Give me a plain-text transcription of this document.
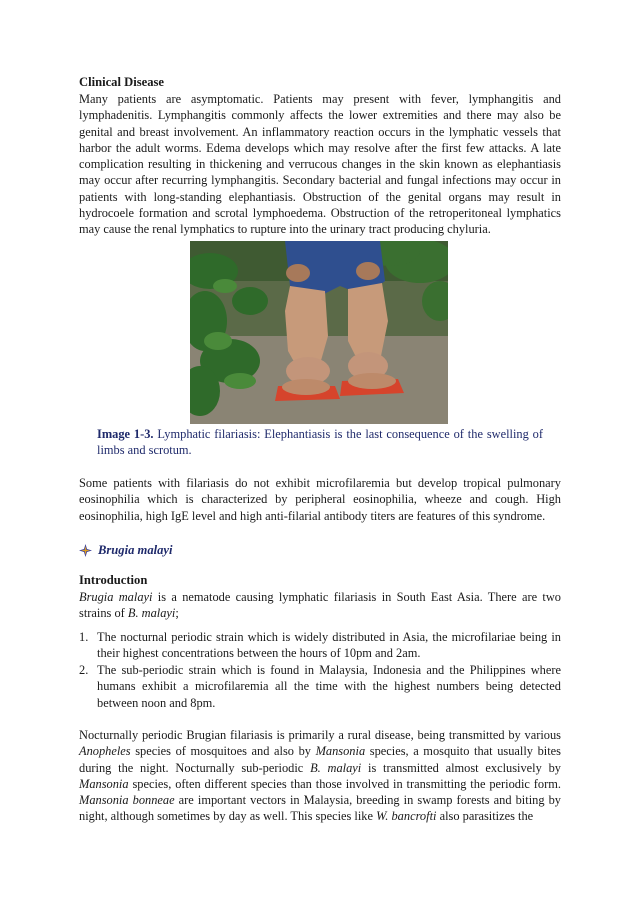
Clinical Disease

Many patients are asymptomatic. Patients may present with fever, lymphangitis and lymphadenitis. Lymphangitis commonly affects the lower extremities and there may also be genital and breast involvement. An inflammatory reaction occurs in the lymphatic vessels that harbor the adult worms. Edema develops which may resolve after the first few attacks. A late complication resulting in thickening and verrucous changes in the skin known as elephantiasis may occur after recurring lymphangitis. Secondary bacterial and fungal infections may occur in patients with long-standing elephantiasis. Obstruction of the genital organs may result in hydrocoele formation and scrotal lymphoedema. Obstruction of the retroperitoneal lymphatics may cause the renal lymphatics to rupture into the urinary tract producing chyluria.

Image 1-3. Lymphatic filariasis: Elephantiasis is the last consequence of the swelling of limbs and scrotum.

Some patients with filariasis do not exhibit microfilaremia but develop tropical pulmonary eosinophilia which is characterized by peripheral eosinophilia, wheeze and cough. High eosinophilia, high IgE level and high anti-filarial antibody titers are features of this syndrome.

Brugia malayi

Introduction

Brugia malayi is a nematode causing lymphatic filariasis in South East Asia. There are two strains of B. malayi;

1. The nocturnal periodic strain which is widely distributed in Asia, the microfilariae being in their highest concentrations between the hours of 10pm and 2am.
2. The sub-periodic strain which is found in Malaysia, Indonesia and the Philippines where humans exhibit a microfilaremia all the time with the highest numbers being detected between noon and 8pm.

Nocturnally periodic Brugian filariasis is primarily a rural disease, being transmitted by various Anopheles species of mosquitoes and also by Mansonia species, a mosquito that usually bites during the night. Nocturnally sub-periodic B. malayi is transmitted almost exclusively by Mansonia species, often different species than those involved in transmitting the periodic form. Mansonia bonneae are important vectors in Malaysia, breeding in swamp forests and biting by night, although sometimes by day as well. This species like W. bancrofti also parasitizes the
